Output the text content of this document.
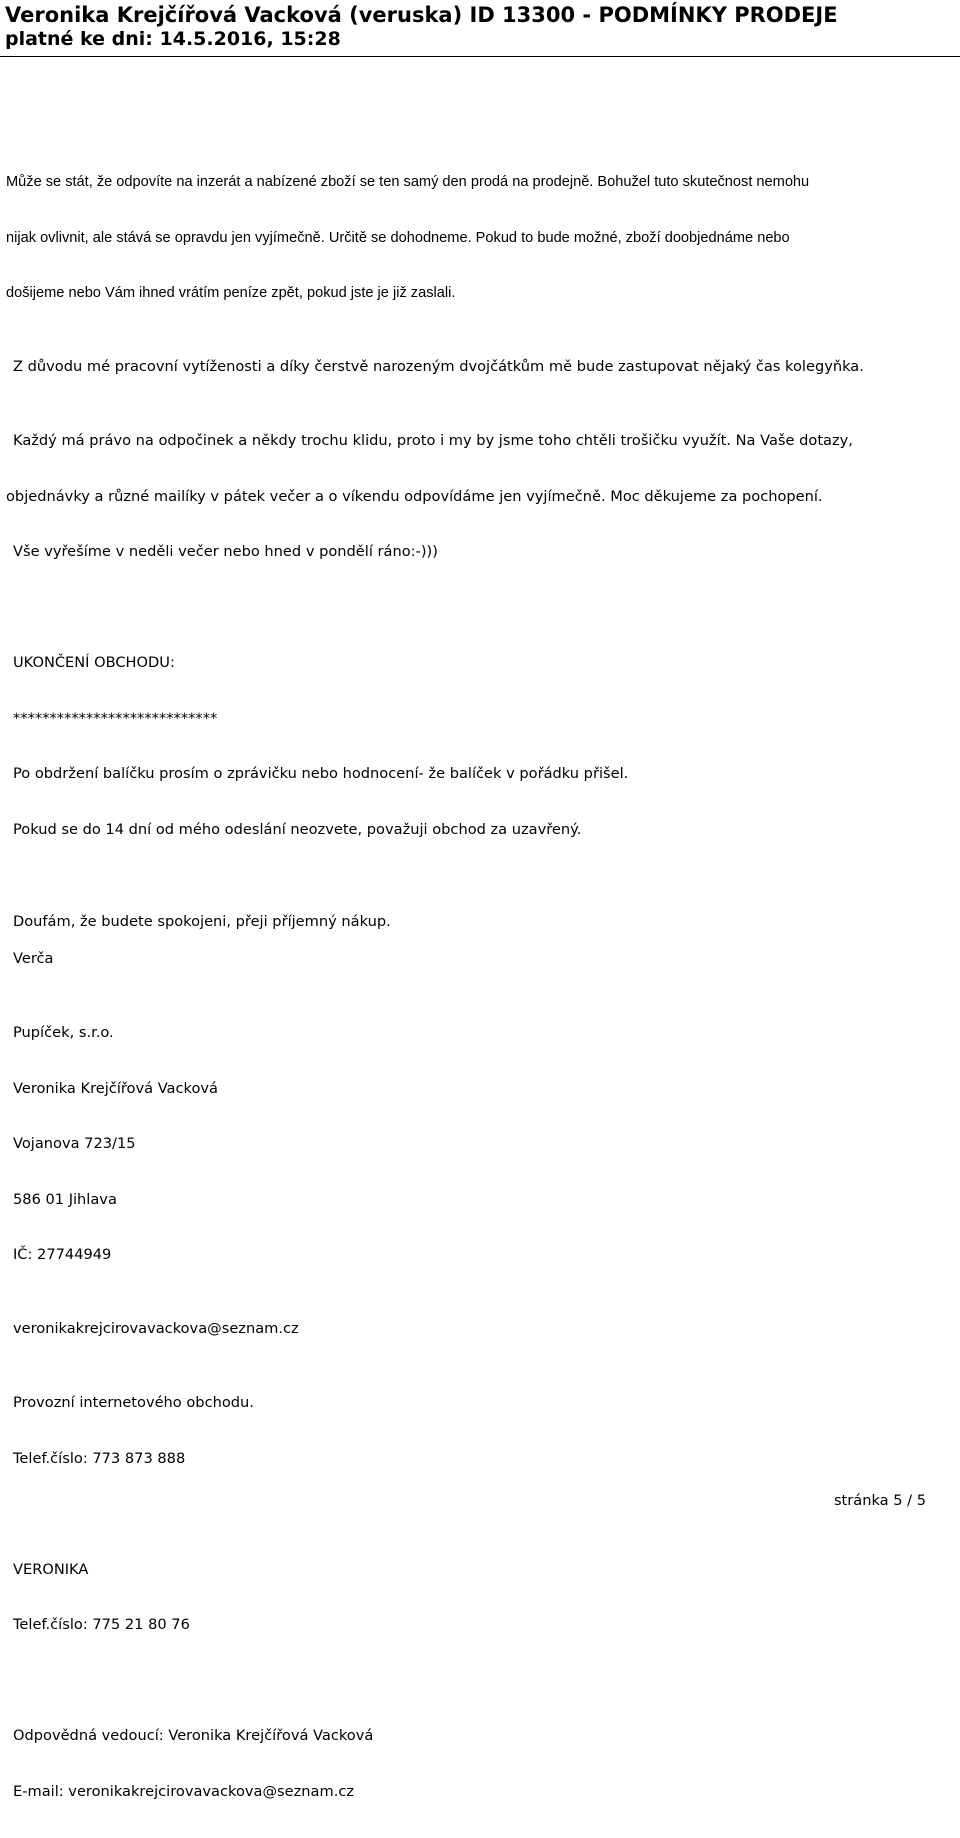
Veronika Krejčířová Vacková (veruska) ID 13300 - PODMÍNKY PRODEJE
platné ke dni: 14.5.2016, 15:28

Může se stát, že odpovíte na inzerát a nabízené zboží se ten samý den prodá na prodejně. Bohužel tuto skutečnost nemohu

nijak ovlivnit, ale stává se opravdu jen vyjímečně. Určitě se dohodneme. Pokud to bude možné, zboží doobjednáme nebo

došijeme nebo Vám ihned vrátím peníze zpět, pokud jste je již zaslali.

Z důvodu mé pracovní vytíženosti a díky čerstvě narozeným dvojčátkům mě bude zastupovat nějaký čas kolegyňka.

Každý má právo na odpočinek a někdy trochu klidu, proto i my by jsme toho chtěli trošičku využít. Na Vaše dotazy,

objednávky a různé mailíky v pátek večer a o víkendu odpovídáme jen vyjímečně. Moc děkujeme za pochopení.

Vše vyřešíme v neděli večer nebo hned v pondělí ráno:-)))

UKONČENÍ OBCHODU:

****************************

Po obdržení balíčku prosím o zprávičku nebo hodnocení- že balíček v pořádku přišel.

Pokud se do 14 dní od mého odeslání neozvete, považuji obchod za uzavřený.

Doufám, že budete spokojeni, přeji příjemný nákup.
Verča

Pupíček, s.r.o.

Veronika Krejčířová Vacková

Vojanova 723/15

586 01 Jihlava

IČ: 27744949

veronikakrejcirovavackova@seznam.cz

Provozní internetového obchodu.

Telef.číslo: 773 873 888

VERONIKA

Telef.číslo: 775 21 80 76

Odpovědná vedoucí: Veronika Krejčířová Vacková

E-mail: veronikakrejcirovavackova@seznam.cz

stránka 5 / 5
